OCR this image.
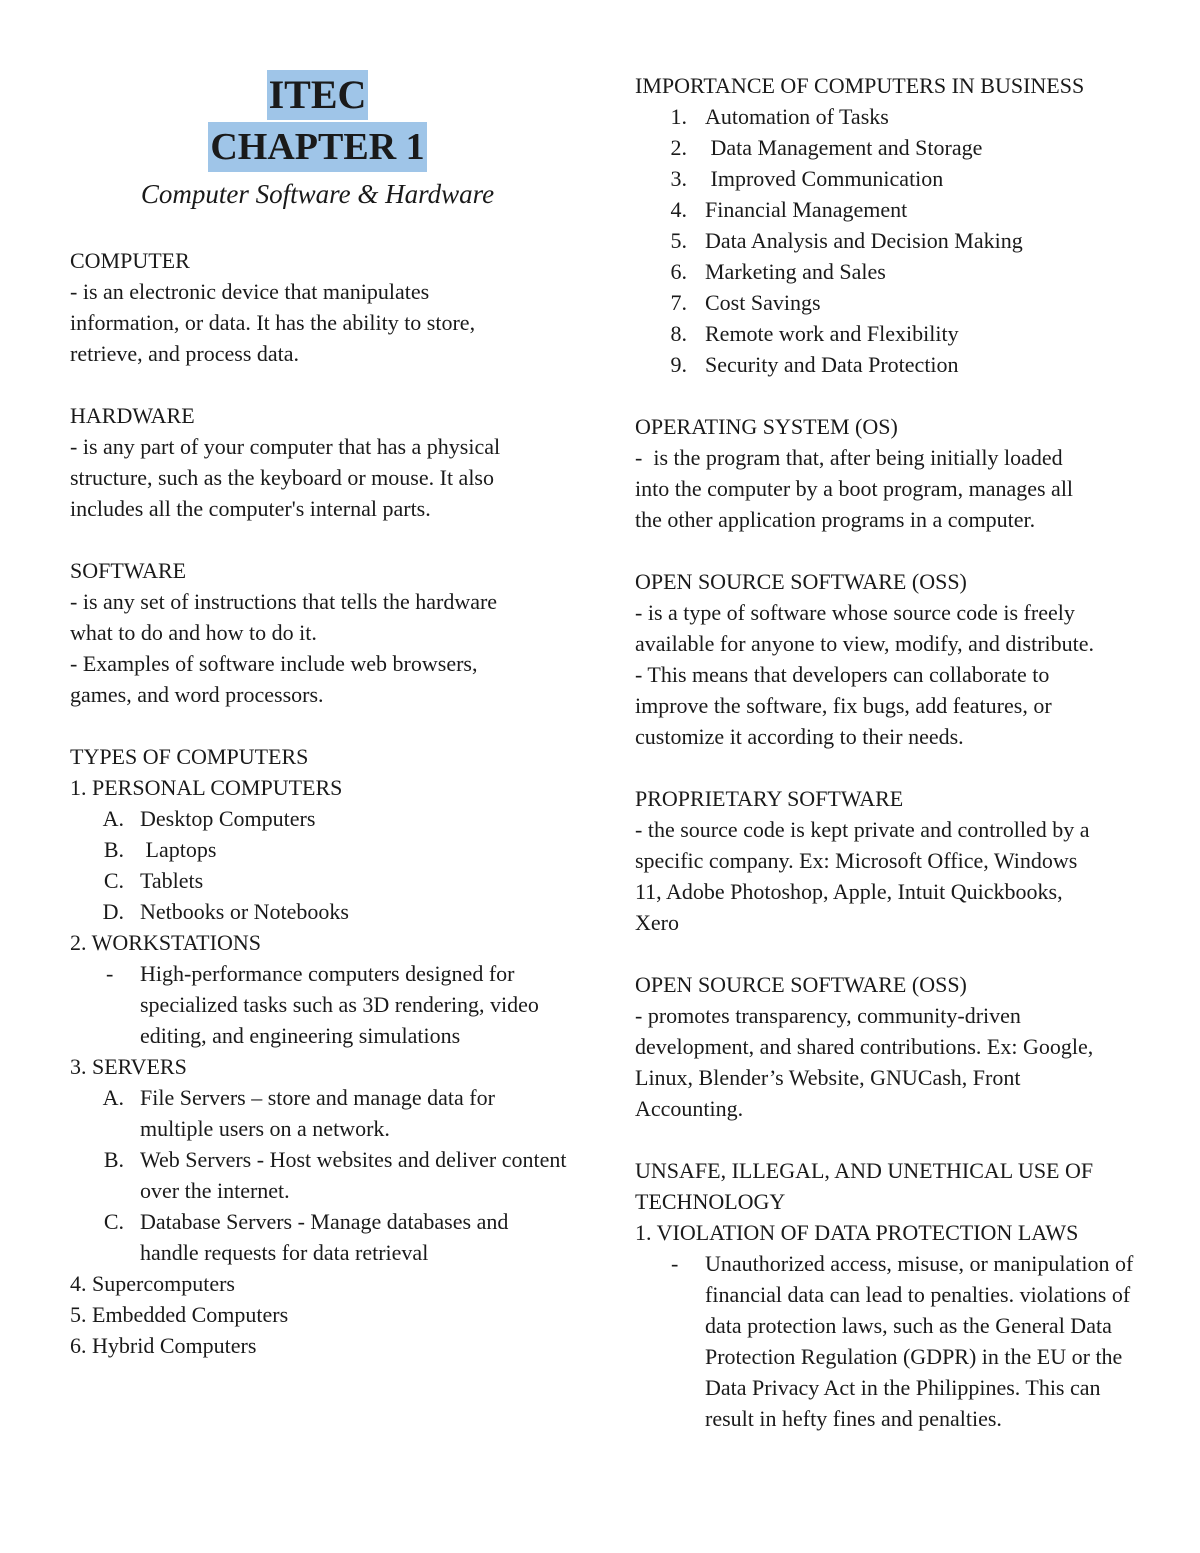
ITEC
CHAPTER 1
Computer Software & Hardware

COMPUTER

- is an electronic device that manipulates

information, or data. It has the ability to store,

retrieve, and process data.

HARDWARE

- is any part of your computer that has a physical

structure, such as the keyboard or mouse. It also

includes all the computer's internal parts.

SOFTWARE

- is any set of instructions that tells the hardware

what to do and how to do it.

- Examples of software include web browsers,

games, and word processors.

TYPES OF COMPUTERS

1. PERSONAL COMPUTERS

A. Desktop Computers
B. Laptops
C. Tablets
D. Netbooks or Notebooks

2. WORKSTATIONS

- High-performance computers designed for specialized tasks such as 3D rendering, video editing, and engineering simulations

3. SERVERS

A. File Servers – store and manage data for multiple users on a network.
B. Web Servers - Host websites and deliver content over the internet.
C. Database Servers - Manage databases and handle requests for data retrieval

4. Supercomputers

5. Embedded Computers

6. Hybrid Computers

IMPORTANCE OF COMPUTERS IN BUSINESS

1. Automation of Tasks
2. Data Management and Storage
3. Improved Communication
4. Financial Management
5. Data Analysis and Decision Making
6. Marketing and Sales
7. Cost Savings
8. Remote work and Flexibility
9. Security and Data Protection

OPERATING SYSTEM (OS)

-  is the program that, after being initially loaded

into the computer by a boot program, manages all

the other application programs in a computer.

OPEN SOURCE SOFTWARE (OSS)

- is a type of software whose source code is freely

available for anyone to view, modify, and distribute.

- This means that developers can collaborate to

improve the software, fix bugs, add features, or

customize it according to their needs.

PROPRIETARY SOFTWARE

- the source code is kept private and controlled by a

specific company. Ex: Microsoft Office, Windows

11, Adobe Photoshop, Apple, Intuit Quickbooks,

Xero

OPEN SOURCE SOFTWARE (OSS)

- promotes transparency, community-driven

development, and shared contributions. Ex: Google,

Linux, Blender’s Website, GNUCash, Front

Accounting.

UNSAFE, ILLEGAL, AND UNETHICAL USE OF

TECHNOLOGY

1. VIOLATION OF DATA PROTECTION LAWS

- Unauthorized access, misuse, or manipulation of financial data can lead to penalties. violations of data protection laws, such as the General Data Protection Regulation (GDPR) in the EU or the Data Privacy Act in the Philippines. This can result in hefty fines and penalties.
